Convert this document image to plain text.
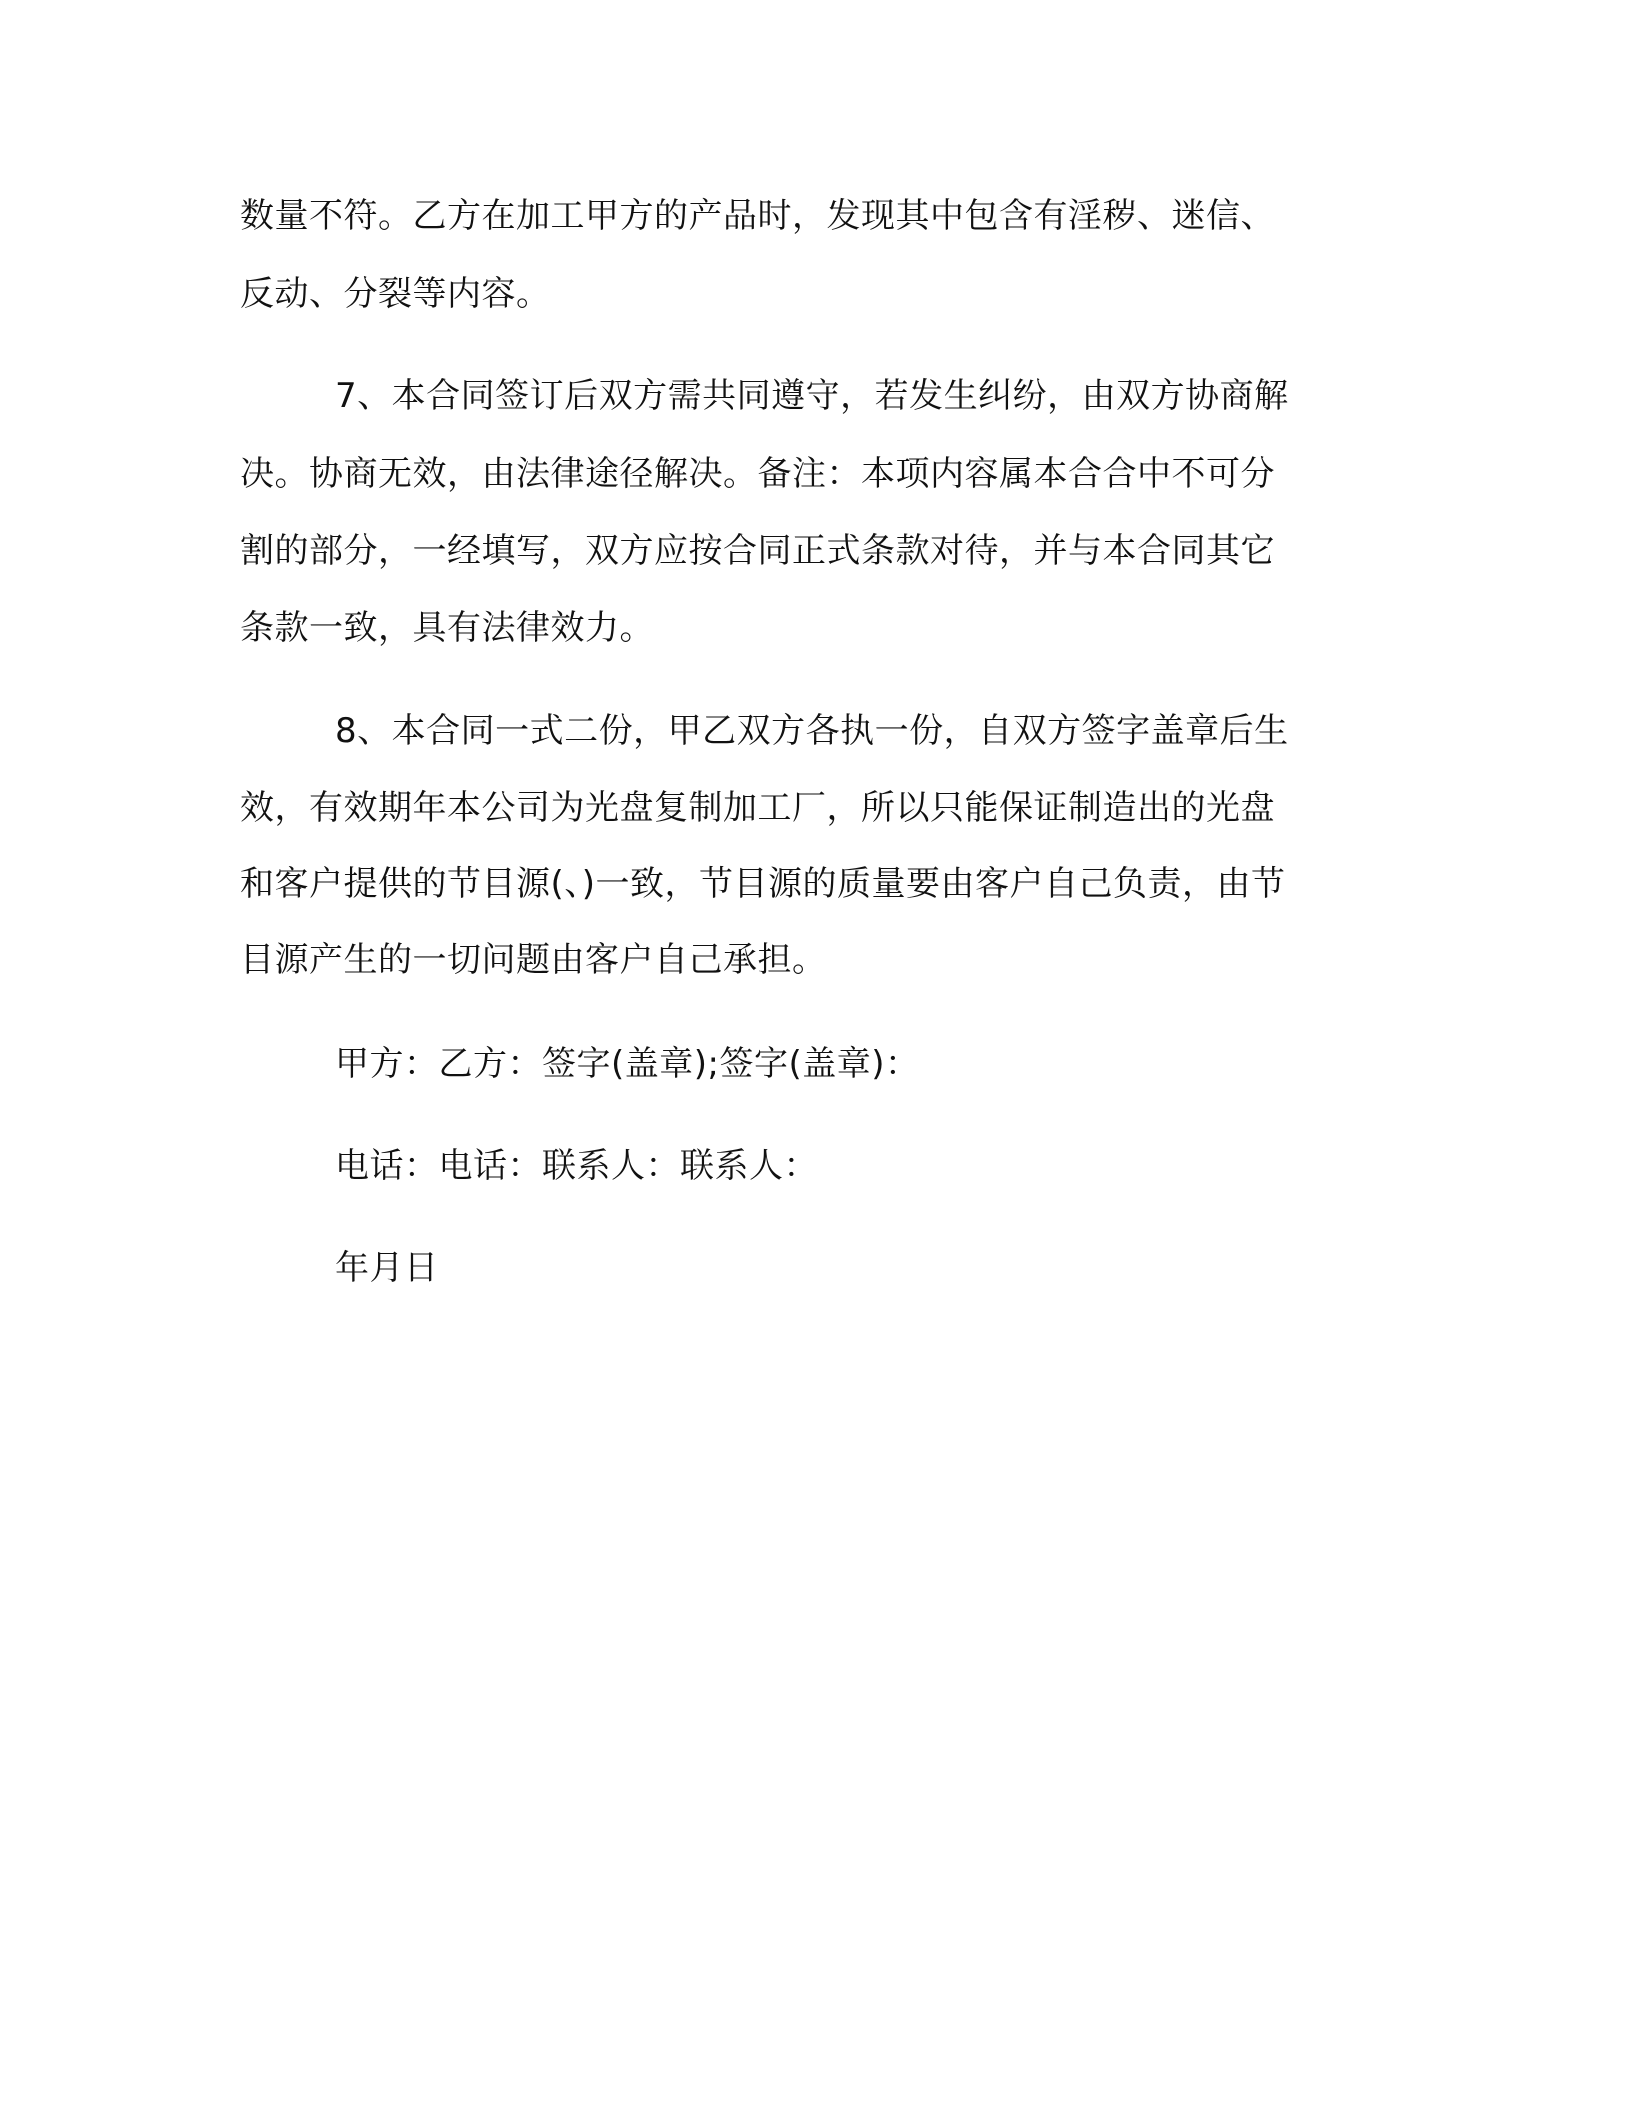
数量不符。乙方在加工甲方的产品时，发现其中包含有淫秽、迷信、
反动、分裂等内容。
7、本合同签订后双方需共同遵守，若发生纠纷，由双方协商解
决。协商无效，由法律途径解决。备注：本项内容属本合合中不可分
割的部分，一经填写，双方应按合同正式条款对待，并与本合同其它
条款一致，具有法律效力。
8、本合同一式二份，甲乙双方各执一份，自双方签字盖章后生
效，有效期年本公司为光盘复制加工厂，所以只能保证制造出的光盘
和客户提供的节目源(、)一致，节目源的质量要由客户自己负责，由节
目源产生的一切问题由客户自己承担。
甲方：乙方：签字(盖章);签字(盖章)：
电话：电话：联系人：联系人：
年月日
